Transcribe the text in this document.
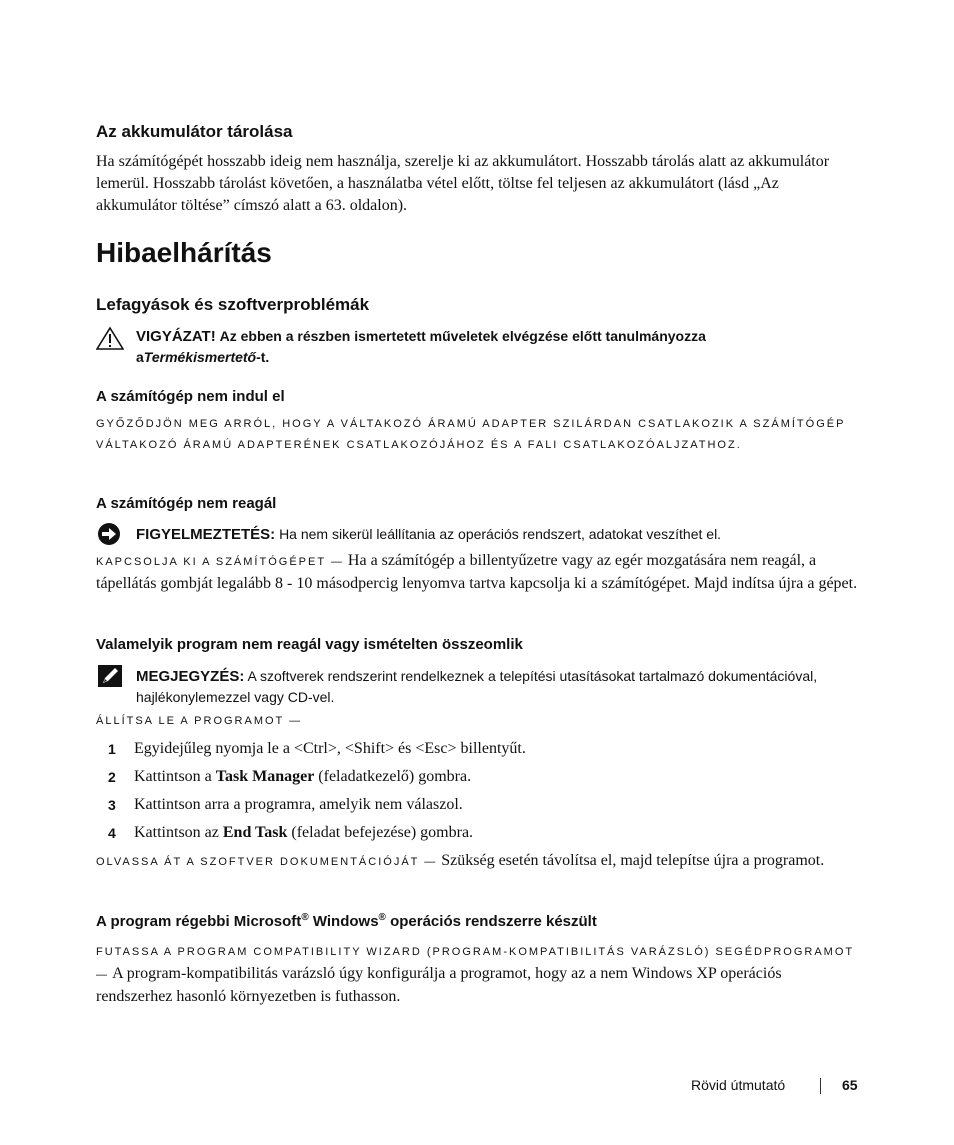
Az akkumulátor tárolása

Ha számítógépét hosszabb ideig nem használja, szerelje ki az akkumulátort. Hosszabb tárolás alatt az akkumulátor lemerül. Hosszabb tárolást követően, a használatba vétel előtt, töltse fel teljesen az akkumulátort (lásd „Az akkumulátor töltése” címszó alatt a 63. oldalon).

Hibaelhárítás
Lefagyások és szoftverproblémák
VIGYÁZAT! Az ebben a részben ismertetett műveletek elvégzése előtt tanulmányozza aTermékismertető-t.
A számítógép nem indul el

GYŐZŐDJÖN MEG ARRÓL, HOGY A VÁLTAKOZÓ ÁRAMÚ ADAPTER SZILÁRDAN CSATLAKOZIK A SZÁMÍTÓGÉP VÁLTAKOZÓ ÁRAMÚ ADAPTERÉNEK CSATLAKOZÓJÁHOZ ÉS A FALI CSATLAKOZÓALJZATHOZ.

A számítógép nem reagál
FIGYELMEZTETÉS: Ha nem sikerül leállítania az operációs rendszert, adatokat veszíthet el.

KAPCSOLJA KI A SZÁMÍTÓGÉPET — Ha a számítógép a billentyűzetre vagy az egér mozgatására nem reagál, a tápellátás gombját legalább 8 - 10 másodpercig lenyomva tartva kapcsolja ki a számítógépet. Majd indítsa újra a gépet.

Valamelyik program nem reagál vagy ismételten összeomlik
MEGJEGYZÉS: A szoftverek rendszerint rendelkeznek a telepítési utasításokat tartalmazó dokumentációval, hajlékonylemezzel vagy CD-vel.

ÁLLÍTSA LE A PROGRAMOT —

1 Egyidejűleg nyomja le a <Ctrl>, <Shift> és <Esc> billentyűt.
2 Kattintson a Task Manager (feladatkezelő) gombra.
3 Kattintson arra a programra, amelyik nem válaszol.
4 Kattintson az End Task (feladat befejezése) gombra.

OLVASSA ÁT A SZOFTVER DOKUMENTÁCIÓJÁT — Szükség esetén távolítsa el, majd telepítse újra a programot.

A program régebbi Microsoft® Windows® operációs rendszerre készült

FUTASSA A PROGRAM COMPATIBILITY WIZARD (PROGRAM-KOMPATIBILITÁS VARÁZSLÓ) SEGÉDPROGRAMOT — A program-kompatibilitás varázsló úgy konfigurálja a programot, hogy az a nem Windows XP operációs rendszerhez hasonló környezetben is futhasson.

Rövid útmutató	65
